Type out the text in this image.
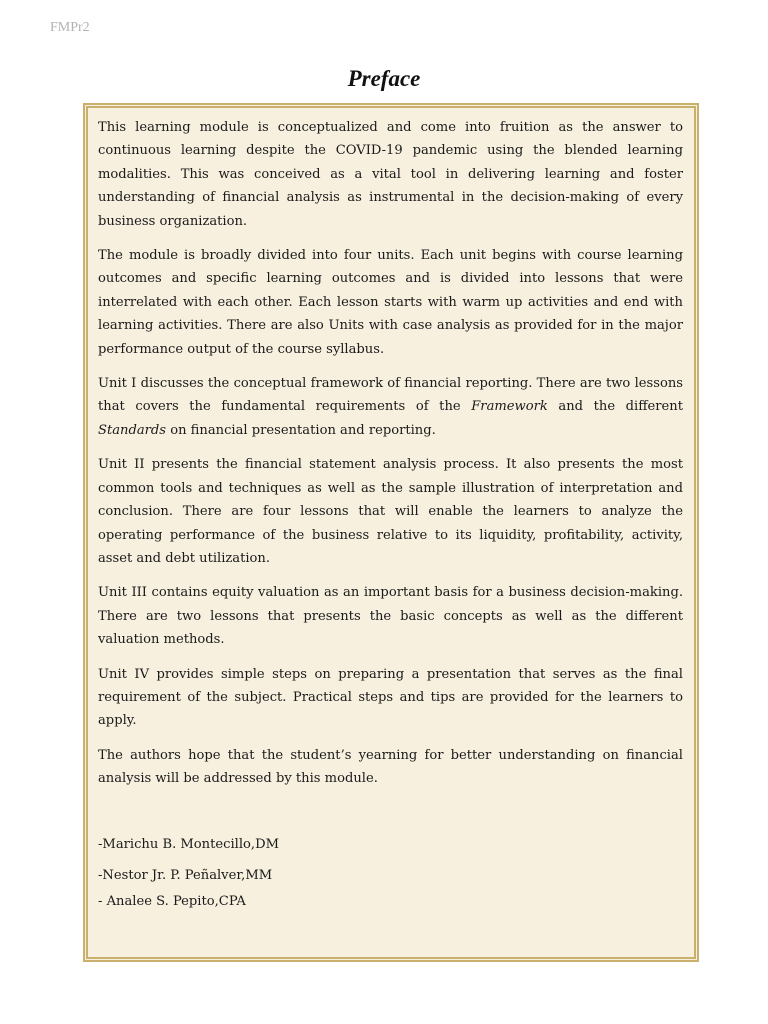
FMPr2
Preface

This learning module is conceptualized and come into fruition as the answer to continuous learning despite the COVID-19 pandemic using the blended learning modalities. This was conceived as a vital tool in delivering learning and foster understanding of financial analysis as instrumental in the decision-making of every business organization.

The module is broadly divided into four units. Each unit begins with course learning outcomes and specific learning outcomes and is divided into lessons that were interrelated with each other. Each lesson starts with warm up activities and end with learning activities. There are also Units with case analysis as provided for in the major performance output of the course syllabus.

Unit I discusses the conceptual framework of financial reporting. There are two lessons that covers the fundamental requirements of the Framework and the different Standards on financial presentation and reporting.

Unit II presents the financial statement analysis process. It also presents the most common tools and techniques as well as the sample illustration of interpretation and conclusion. There are four lessons that will enable the learners to analyze the operating performance of the business relative to its liquidity, profitability, activity, asset and debt utilization.

Unit III contains equity valuation as an important basis for a business decision-making. There are two lessons that presents the basic concepts as well as the different valuation methods.

Unit IV provides simple steps on preparing a presentation that serves as the final requirement of the subject. Practical steps and tips are provided for the learners to apply.

The authors hope that the student’s yearning for better understanding on financial analysis will be addressed by this module.

-Marichu B. Montecillo,DM

-Nestor Jr. P. Peñalver,MM

- Analee S. Pepito,CPA
